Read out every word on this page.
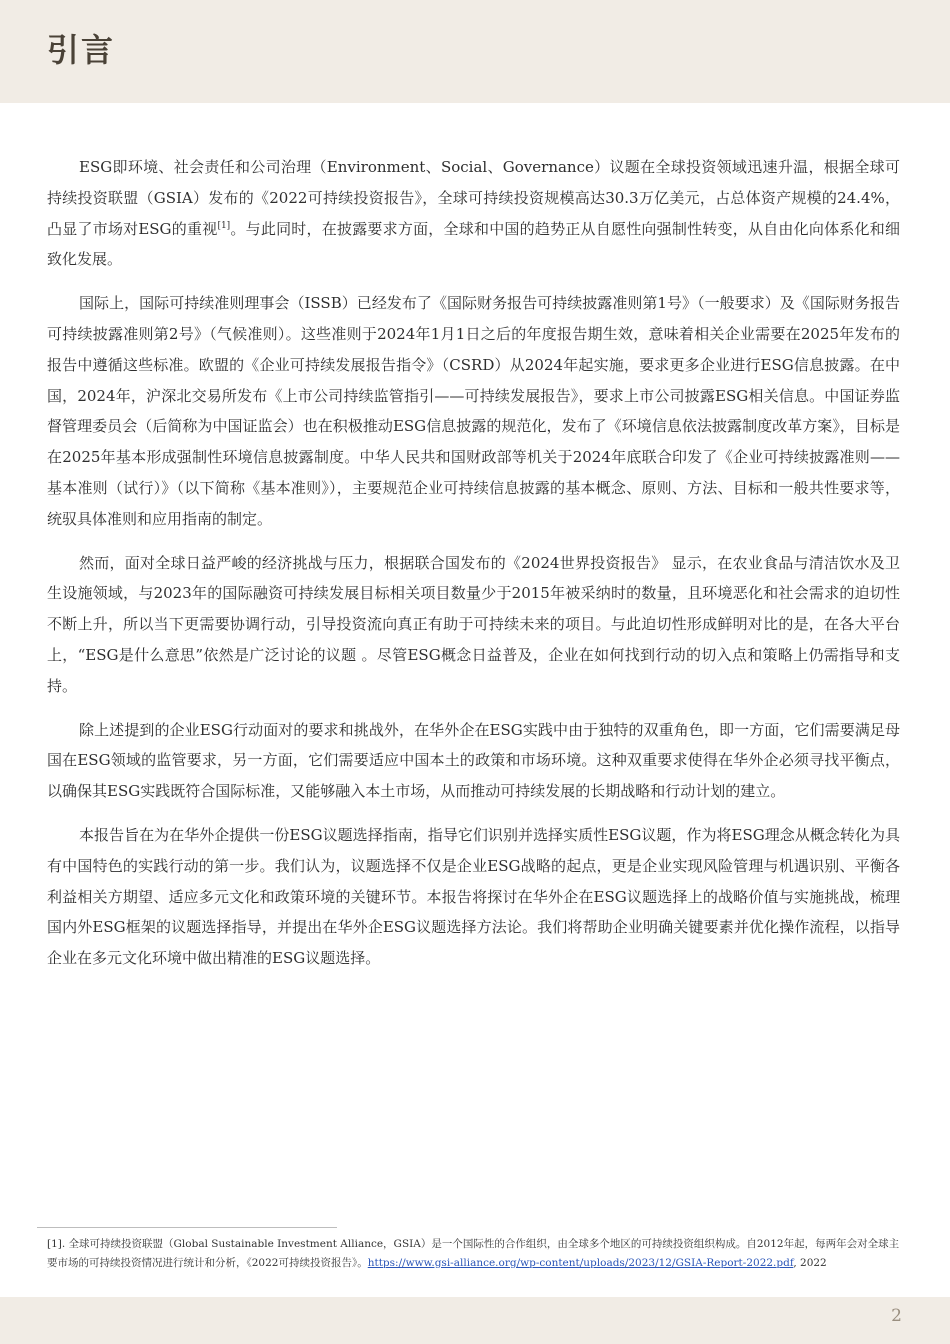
引言

ESG即环境、社会责任和公司治理（Environment、Social、Governance）议题在全球投资领域迅速升温，根据全球可持续投资联盟（GSIA）发布的《2022可持续投资报告》，全球可持续投资规模高达30.3万亿美元，占总体资产规模的24.4%，凸显了市场对ESG的重视[1]。与此同时，在披露要求方面，全球和中国的趋势正从自愿性向强制性转变，从自由化向体系化和细致化发展。

国际上，国际可持续准则理事会（ISSB）已经发布了《国际财务报告可持续披露准则第1号》（一般要求）及《国际财务报告可持续披露准则第2号》（气候准则）。这些准则于2024年1月1日之后的年度报告期生效，意味着相关企业需要在2025年发布的报告中遵循这些标准。欧盟的《企业可持续发展报告指令》（CSRD）从2024年起实施，要求更多企业进行ESG信息披露。在中国，2024年，沪深北交易所发布《上市公司持续监管指引——可持续发展报告》，要求上市公司披露ESG相关信息。中国证券监督管理委员会（后简称为中国证监会）也在积极推动ESG信息披露的规范化，发布了《环境信息依法披露制度改革方案》，目标是在2025年基本形成强制性环境信息披露制度。中华人民共和国财政部等机关于2024年底联合印发了《企业可持续披露准则——基本准则（试行）》（以下简称《基本准则》），主要规范企业可持续信息披露的基本概念、原则、方法、目标和一般共性要求等，统驭具体准则和应用指南的制定。

然而，面对全球日益严峻的经济挑战与压力，根据联合国发布的《2024世界投资报告》 显示，在农业食品与清洁饮水及卫生设施领域，与2023年的国际融资可持续发展目标相关项目数量少于2015年被采纳时的数量，且环境恶化和社会需求的迫切性不断上升，所以当下更需要协调行动，引导投资流向真正有助于可持续未来的项目。与此迫切性形成鲜明对比的是，在各大平台上，“ESG是什么意思”依然是广泛讨论的议题 。尽管ESG概念日益普及，企业在如何找到行动的切入点和策略上仍需指导和支持。

除上述提到的企业ESG行动面对的要求和挑战外，在华外企在ESG实践中由于独特的双重角色，即一方面，它们需要满足母国在ESG领域的监管要求，另一方面，它们需要适应中国本土的政策和市场环境。这种双重要求使得在华外企必须寻找平衡点，以确保其ESG实践既符合国际标准，又能够融入本土市场，从而推动可持续发展的长期战略和行动计划的建立。

本报告旨在为在华外企提供一份ESG议题选择指南，指导它们识别并选择实质性ESG议题，作为将ESG理念从概念转化为具有中国特色的实践行动的第一步。我们认为，议题选择不仅是企业ESG战略的起点，更是企业实现风险管理与机遇识别、平衡各利益相关方期望、适应多元文化和政策环境的关键环节。本报告将探讨在华外企在ESG议题选择上的战略价值与实施挑战，梳理国内外ESG框架的议题选择指导，并提出在华外企ESG议题选择方法论。我们将帮助企业明确关键要素并优化操作流程，以指导企业在多元文化环境中做出精准的ESG议题选择。

[1]. 全球可持续投资联盟（Global Sustainable Investment Alliance，GSIA）是一个国际性的合作组织，由全球多个地区的可持续投资组织构成。自2012年起，每两年会对全球主要市场的可持续投资情况进行统计和分析，《2022可持续投资报告》。https://www.gsi-alliance.org/wp-content/uploads/2023/12/GSIA-Report-2022.pdf, 2022

2
